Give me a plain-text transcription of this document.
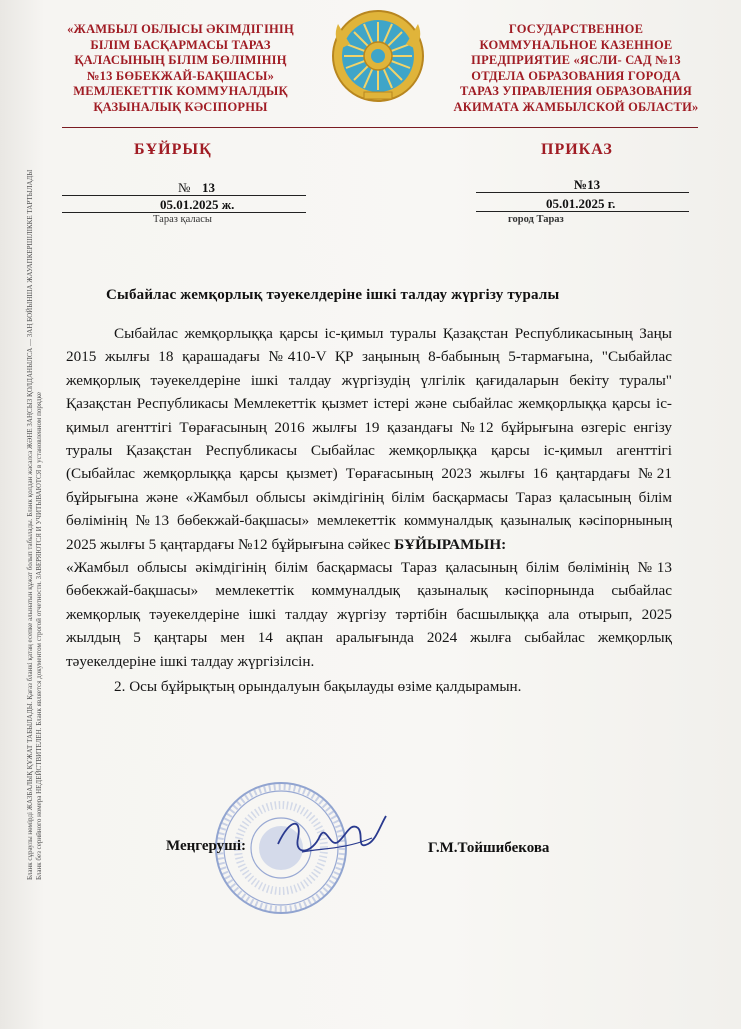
«ЖАМБЫЛ ОБЛЫСЫ ӘКІМДІГІНІҢ
БІЛІМ БАСҚАРМАСЫ ТАРАЗ
ҚАЛАСЫНЫҢ БІЛІМ БӨЛІМІНІҢ
№13 БӨБЕКЖАЙ-БАҚШАСЫ»
МЕМЛЕКЕТТІК КОММУНАЛДЫҚ
ҚАЗЫНАЛЫҚ КӘСІПОРНЫ
ГОСУДАРСТВЕННОЕ
КОММУНАЛЬНОЕ КАЗЕННОЕ
ПРЕДПРИЯТИЕ «ЯСЛИ- САД №13
ОТДЕЛА ОБРАЗОВАНИЯ ГОРОДА
ТАРАЗ УПРАВЛЕНИЯ ОБРАЗОВАНИЯ
АКИМАТА ЖАМБЫЛСКОЙ ОБЛАСТИ»
БҰЙРЫҚ	ПРИКАЗ
№ 13
05.01.2025 ж.
Тараз қаласы
№13
05.01.2025 г.
город Тараз
Сыбайлас жемқорлық тәуекелдеріне ішкі талдау жүргізу туралы

Сыбайлас жемқорлыққа қарсы іс-қимыл туралы Қазақстан Республикасының Заңы 2015 жылғы 18 қарашадағы №410-V ҚР заңының 8-бабының 5-тармағына, "Сыбайлас жемқорлық тәуекелдеріне ішкі талдау жүргізудің үлгілік қағидаларын бекіту туралы" Қазақстан Республикасы Мемлекеттік қызмет істері және сыбайлас жемқорлыққа қарсы іс-қимыл агенттігі Төрағасының 2016 жылғы 19 қазандағы №12 бұйрығына өзгеріс енгізу туралы Қазақстан Республикасы Сыбайлас жемқорлыққа қарсы іс-қимыл агенттігі (Сыбайлас жемқорлыққа қарсы қызмет) Төрағасының 2023 жылғы 16 қаңтардағы №21 бұйрығына және «Жамбыл облысы әкімдігінің білім басқармасы Тараз қаласының білім бөлімінің №13 бөбекжай-бақшасы» мемлекеттік коммуналдық қазыналық кәсіпорнының 2025 жылғы 5 қаңтардағы №12 бұйрығына сәйкес БҰЙЫРАМЫН:

«Жамбыл облысы әкімдігінің білім басқармасы Тараз қаласының білім бөлімінің №13 бөбекжай-бақшасы» мемлекеттік коммуналдық қазыналық кәсіпорнында сыбайлас жемқорлық тәуекелдеріне ішкі талдау жүргізу тәртібін басшылыққа ала отырып, 2025 жылдың 5 қаңтары мен 14 ақпан аралығында 2024 жылға сыбайлас жемқорлық тәуекелдеріне ішкі талдау жүргізілсін.

2. Осы бұйрықтың орындалуын бақылауды өзіме қалдырамын.

Бланк сұраулы нөмірді ЖАЗБАЛЫҚ ҚҰЖАТ ТАБЫЛАДЫ. Қағаз бланкі қатаң есепке алынатын құжат болып табылады. Бланк қолдан жасалса ЖӘНЕ ЗАҢСЫЗ ҚОЛДАНЫЛСА — ЗАҢ БОЙЫНША ЖАУАПКЕРШІЛІККЕ ТАРТЫЛАДЫ Бланк без серийного номера НЕДЕЙСТВИТЕЛЕН. Бланк является документом строгой отчетности. ЗАВЕРЯЮТСЯ И УЧИТЫВАЮТСЯ в установленном порядке	Меңгеруші:	Г.М.Тойшибекова
